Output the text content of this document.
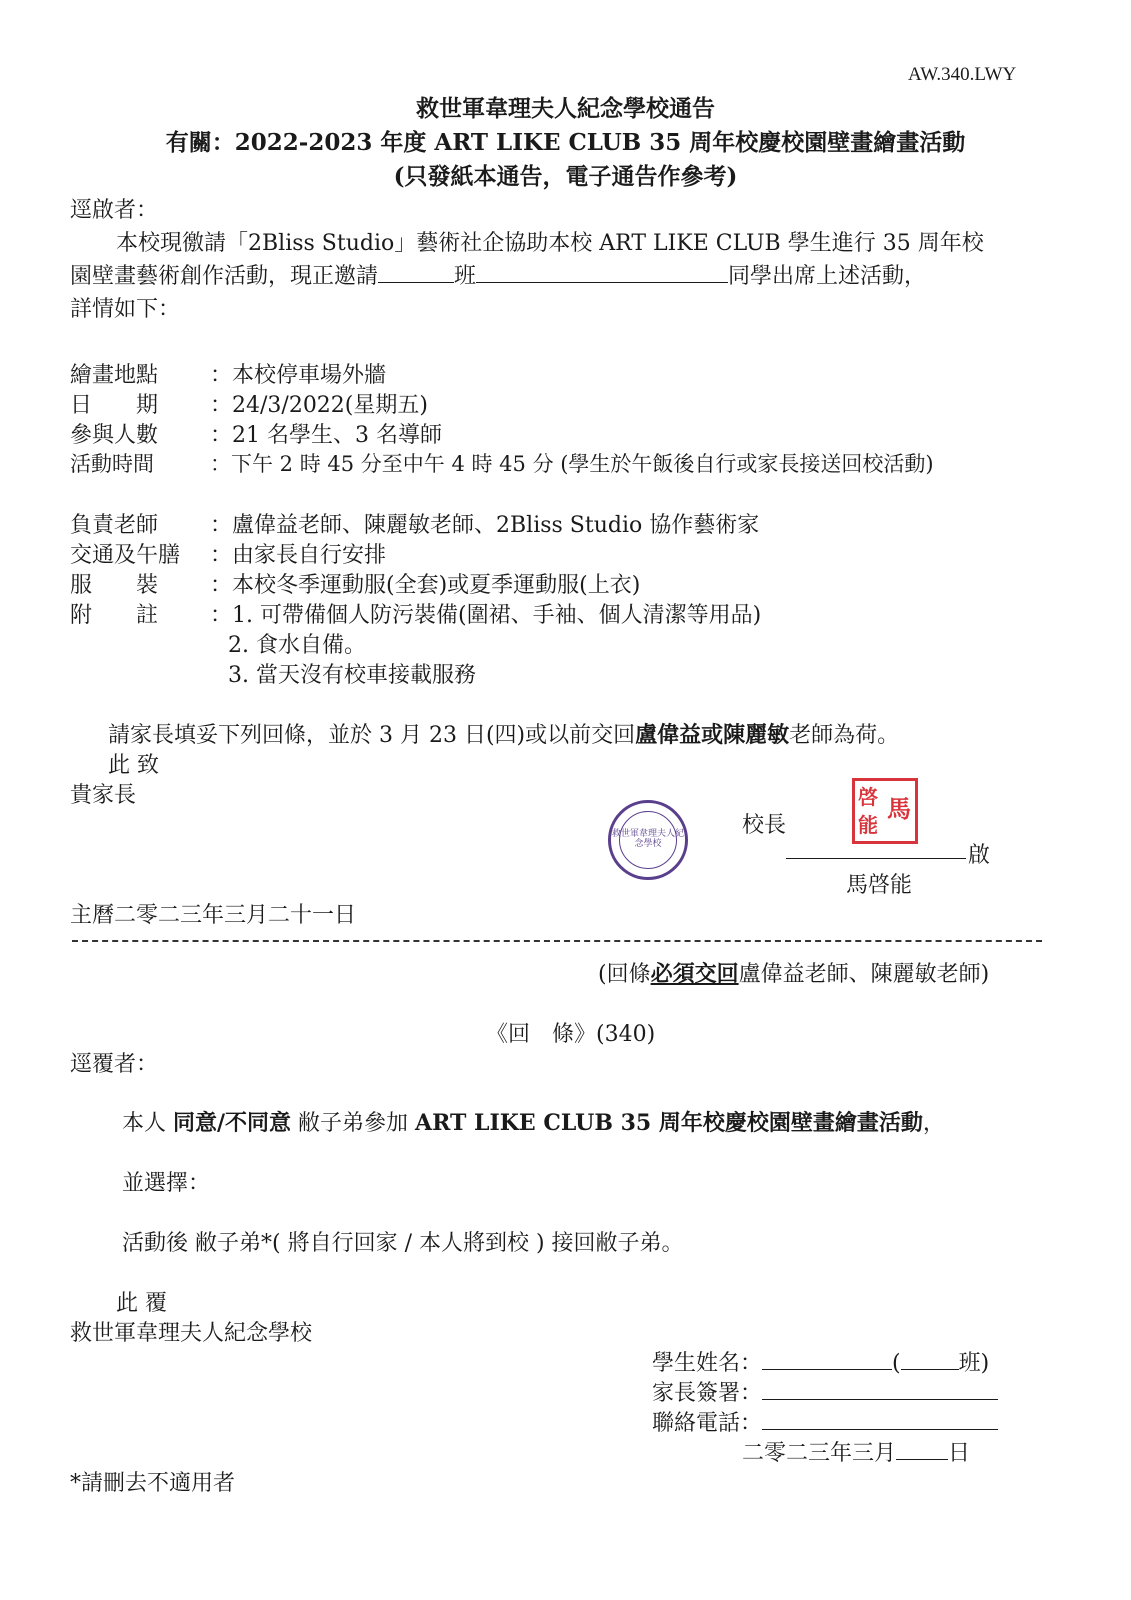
AW.340.LWY
救世軍韋理夫人紀念學校通告
有關：2022-2023 年度 ART LIKE CLUB 35 周年校慶校園壁畫繪畫活動
(只發紙本通告，電子通告作參考)
逕啟者：
本校現徼請「2Bliss Studio」藝術社企協助本校 ART LIKE CLUB 學生進行 35 周年校
園壁畫藝術創作活動，現正邀請	班	同學出席上述活動，
詳情如下：
繪畫地點 ：本校停車場外牆
日　　期 ：24/3/2022(星期五)
參與人數 ：21 名學生、3 名導師
活動時間	：下午 2 時 45 分至中午 4 時 45 分 (學生於午飯後自行或家長接送回校活動)
負責老師 ：盧偉益老師、陳麗敏老師、2Bliss Studio 協作藝術家
交通及午膳 ：由家長自行安排
服　　裝 ：本校冬季運動服(全套)或夏季運動服(上衣)
附　　註 ：1. 可帶備個人防污裝備(圍裙、手袖、個人清潔等用品)
2. 食水自備。
3. 當天沒有校車接載服務
請家長填妥下列回條，並於 3 月 23 日(四)或以前交回盧偉益或陳麗敏老師為荷。
此 致
貴家長
救世軍韋理夫人紀念學校
校長
啓 馬
能
啟
馬啓能
主曆二零二三年三月二十一日
(回條必須交回盧偉益老師、陳麗敏老師)
《回　條》(340)
逕覆者：
本人 同意/不同意 敝子弟參加 ART LIKE CLUB 35 周年校慶校園壁畫繪畫活動，
並選擇：
活動後 敝子弟*( 將自行回家 / 本人將到校 ) 接回敝子弟。
此 覆
救世軍韋理夫人紀念學校
學生姓名：	(	班)
家長簽署：
聯絡電話：
二零二三年三月 日
*請刪去不適用者
